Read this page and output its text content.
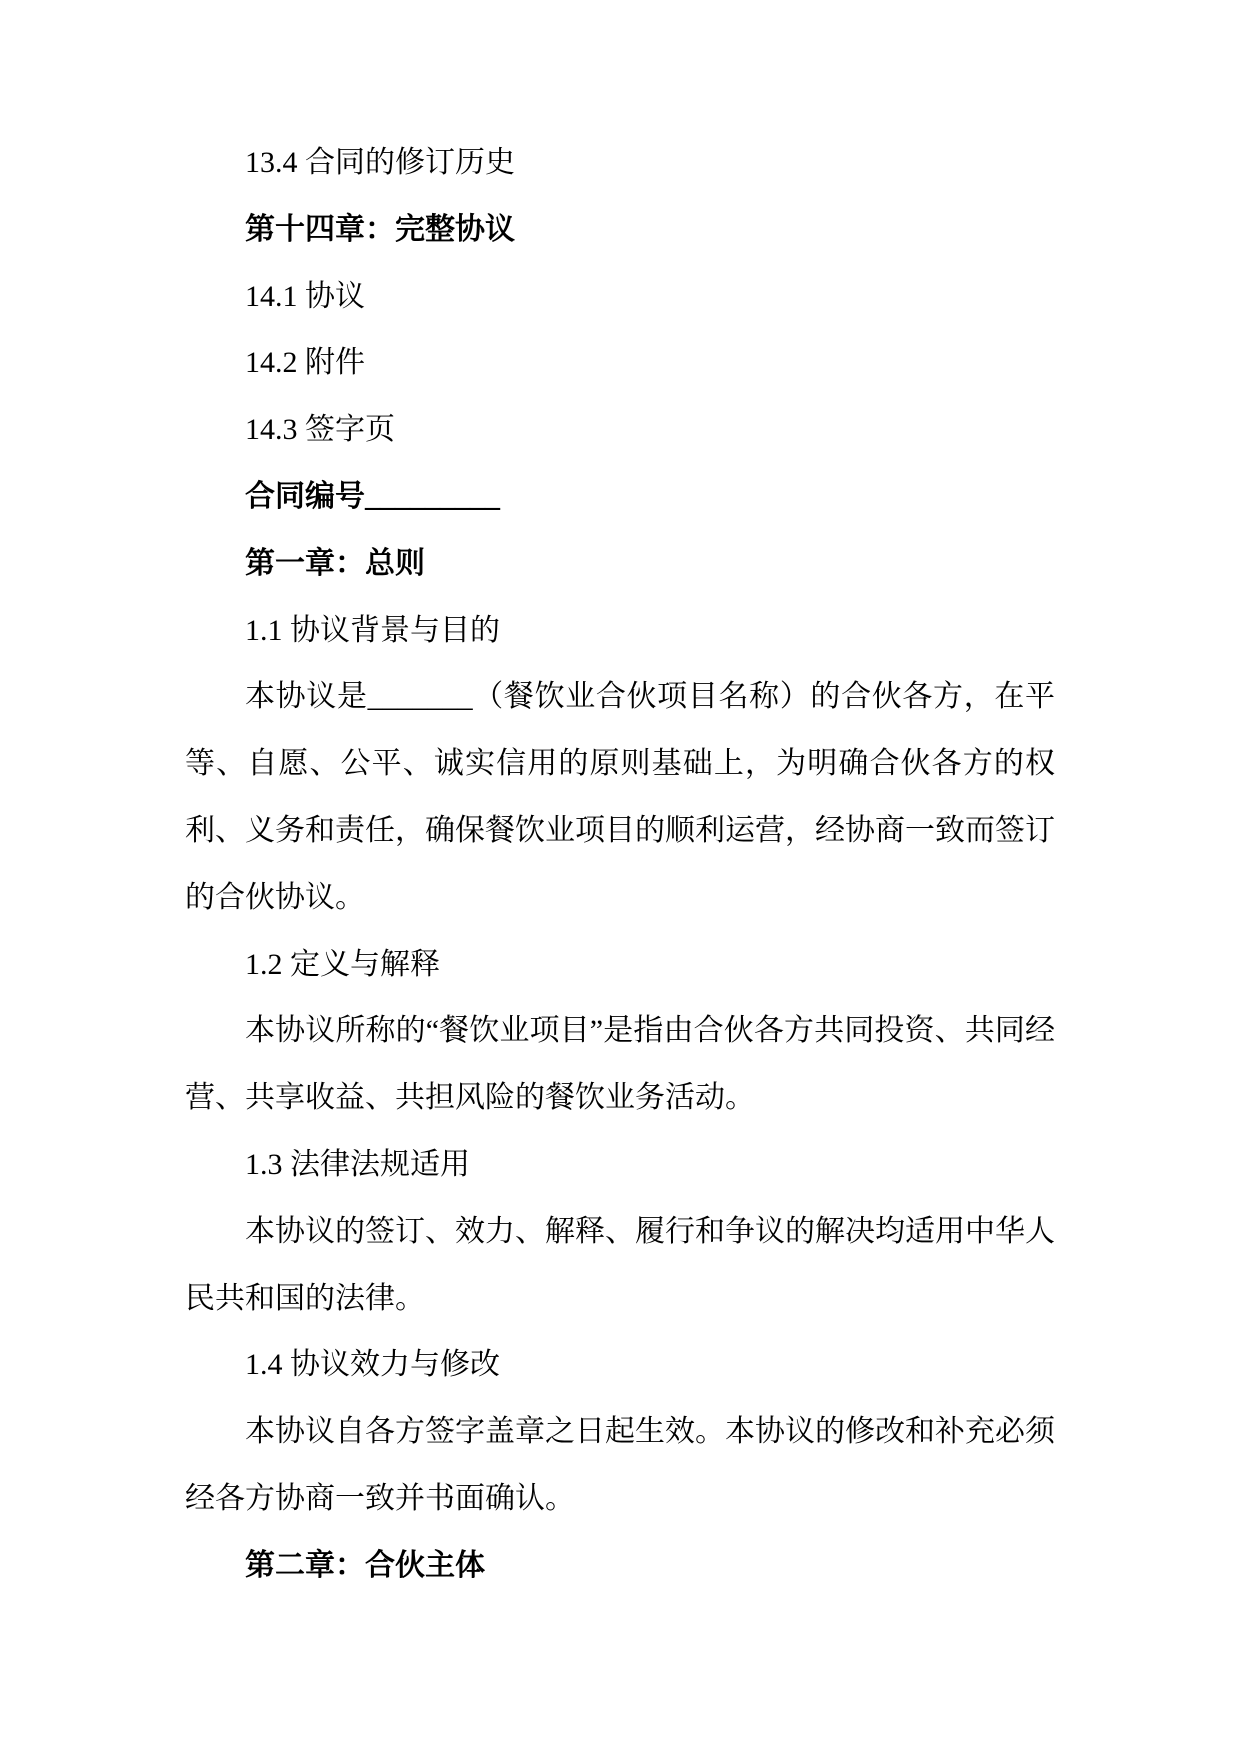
13.4 合同的修订历史

第十四章：完整协议

14.1 协议

14.2 附件

14.3 签字页

合同编号_________

第一章：总则

1.1 协议背景与目的

本协议是_______（餐饮业合伙项目名称）的合伙各方，在平等、自愿、公平、诚实信用的原则基础上，为明确合伙各方的权利、义务和责任，确保餐饮业项目的顺利运营，经协商一致而签订的合伙协议。

1.2 定义与解释

本协议所称的“餐饮业项目”是指由合伙各方共同投资、共同经营、共享收益、共担风险的餐饮业务活动。

1.3 法律法规适用

本协议的签订、效力、解释、履行和争议的解决均适用中华人民共和国的法律。

1.4 协议效力与修改

本协议自各方签字盖章之日起生效。本协议的修改和补充必须经各方协商一致并书面确认。

第二章：合伙主体
